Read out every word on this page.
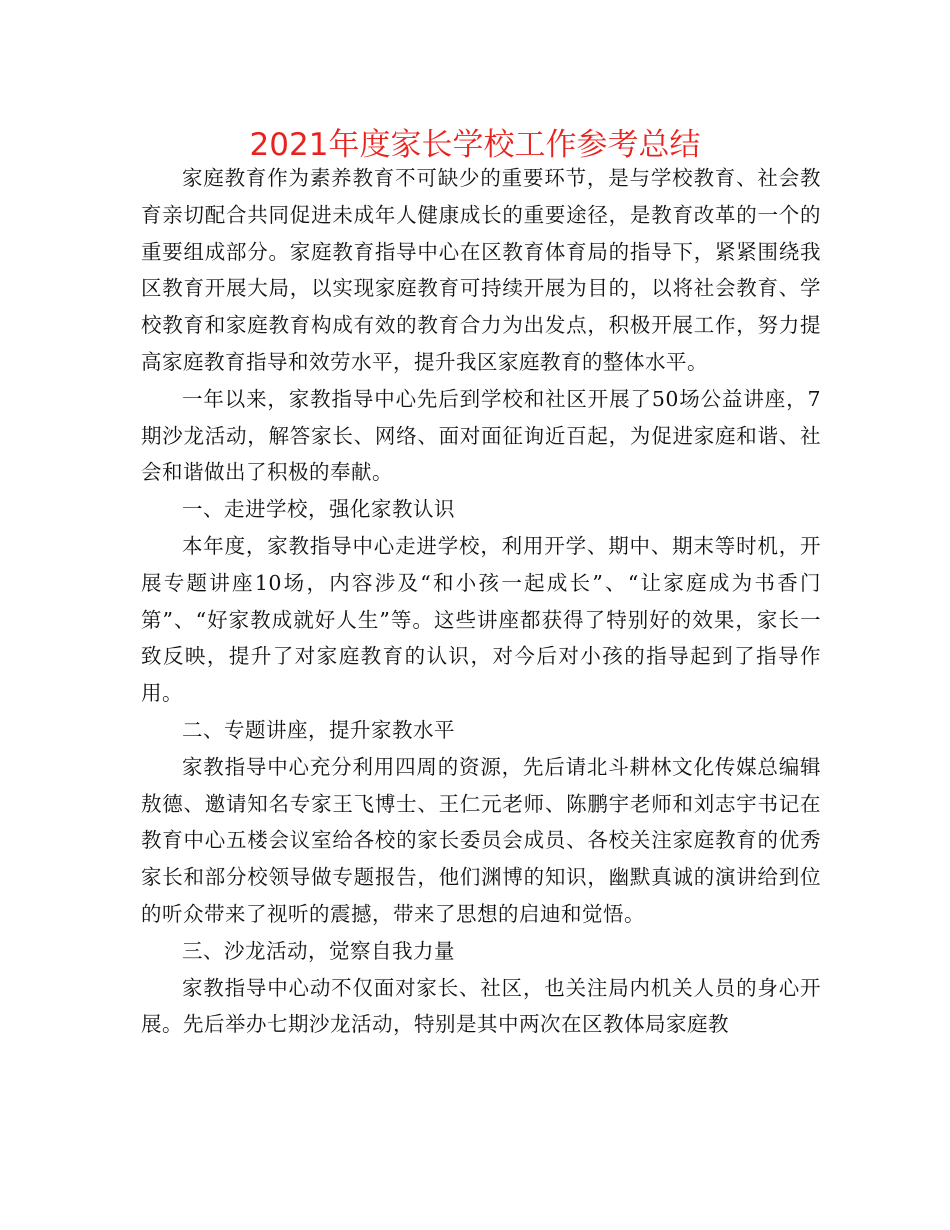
2021年度家长学校工作参考总结

家庭教育作为素养教育不可缺少的重要环节，是与学校教育、社会教育亲切配合共同促进未成年人健康成长的重要途径，是教育改革的一个的重要组成部分。家庭教育指导中心在区教育体育局的指导下，紧紧围绕我区教育开展大局，以实现家庭教育可持续开展为目的，以将社会教育、学校教育和家庭教育构成有效的教育合力为出发点，积极开展工作，努力提高家庭教育指导和效劳水平，提升我区家庭教育的整体水平。

一年以来，家教指导中心先后到学校和社区开展了50场公益讲座，7期沙龙活动，解答家长、网络、面对面征询近百起，为促进家庭和谐、社会和谐做出了积极的奉献。

一、走进学校，强化家教认识

本年度，家教指导中心走进学校，利用开学、期中、期末等时机，开展专题讲座10场，内容涉及“和小孩一起成长”、“让家庭成为书香门第”、“好家教成就好人生”等。这些讲座都获得了特别好的效果，家长一致反映，提升了对家庭教育的认识，对今后对小孩的指导起到了指导作用。

二、专题讲座，提升家教水平

家教指导中心充分利用四周的资源，先后请北斗耕林文化传媒总编辑敖德、邀请知名专家王飞博士、王仁元老师、陈鹏宇老师和刘志宇书记在教育中心五楼会议室给各校的家长委员会成员、各校关注家庭教育的优秀家长和部分校领导做专题报告，他们渊博的知识，幽默真诚的演讲给到位的听众带来了视听的震撼，带来了思想的启迪和觉悟。

三、沙龙活动，觉察自我力量

家教指导中心动不仅面对家长、社区，也关注局内机关人员的身心开展。先后举办七期沙龙活动，特别是其中两次在区教体局家庭教
